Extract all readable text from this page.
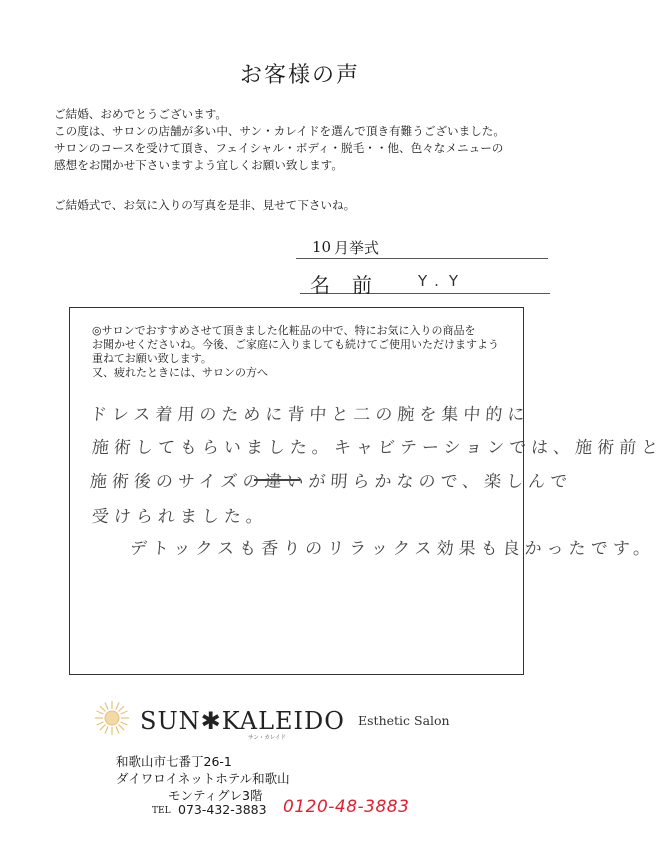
お客様の声
ご結婚、おめでとうございます。
この度は、サロンの店舗が多い中、サン・カレイドを選んで頂き有難うございました。
サロンのコースを受けて頂き、フェイシャル・ボディ・脱毛・・他、色々なメニューの
感想をお聞かせ下さいますよう宜しくお願い致します。
ご結婚式で、お気に入りの写真を是非、見せて下さいね。
10 月挙式
名前 Y.Y
◎サロンでおすすめさせて頂きました化粧品の中で、特にお気に入りの商品を
お聞かせくださいね。今後、ご家庭に入りましても続けてご使用いただけますよう
重ねてお願い致します。
又、疲れたときには、サロンの方へ
ドレス着用のために背中と二の腕を集中的に
施術してもらいました。キャビテーションでは、施術前と
施術後のサイズの違いが明らかなので、楽しんで
受けられました。
デトックスも香りのリラックス効果も良かったです。
SUN✱KALEIDO
サン・カレイド
Esthetic Salon
和歌山市七番丁26-1
ダイワロイネットホテル和歌山
モンティグレ3階
TEL 073-432-3883 0120-48-3883
